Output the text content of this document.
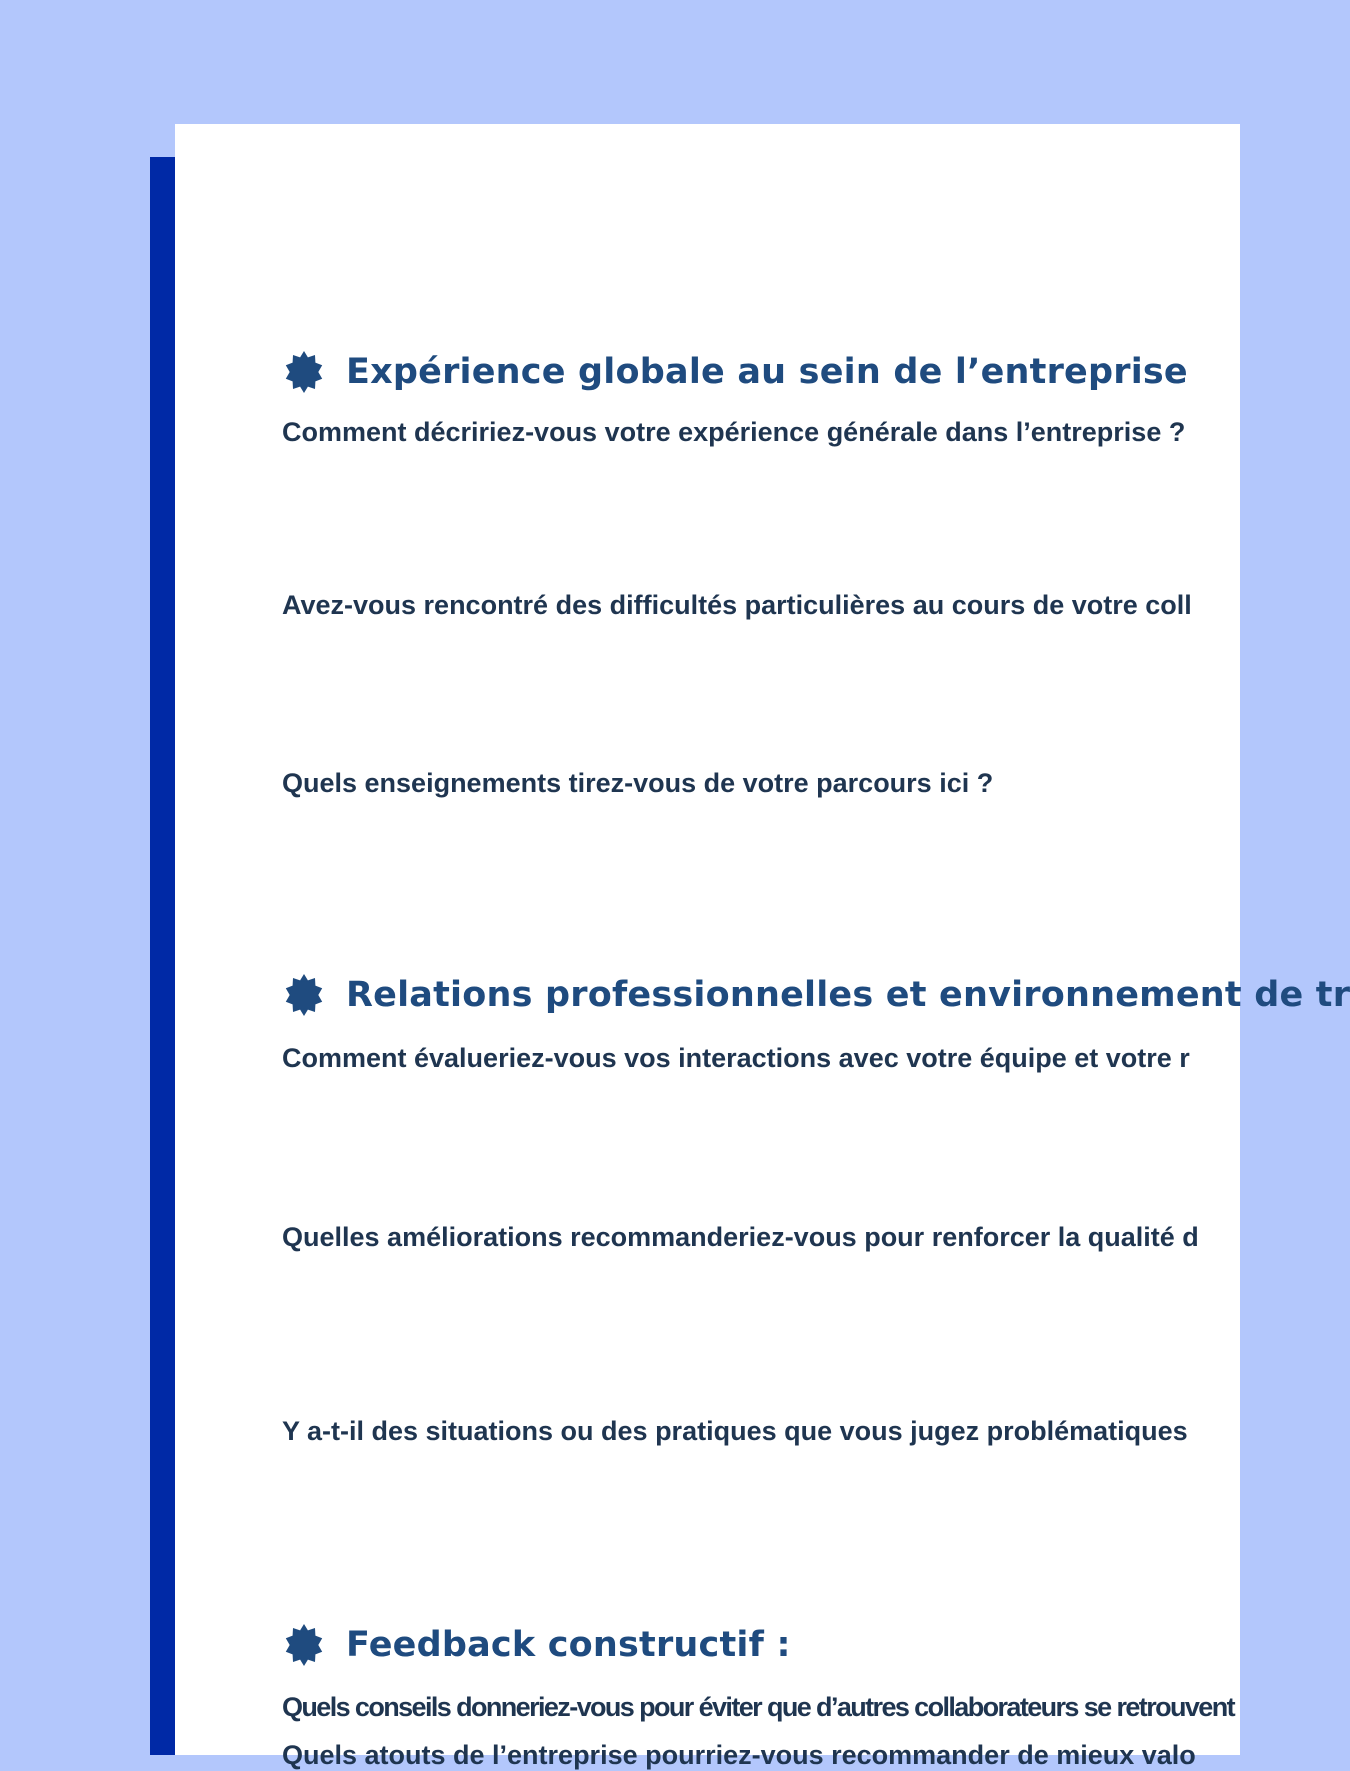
Expérience globale au sein de l’entreprise
Comment décririez-vous votre expérience générale dans l’entreprise ?
Avez-vous rencontré des difficultés particulières au cours de votre coll
Quels enseignements tirez-vous de votre parcours ici ?
Relations professionnelles et environnement de tr
Comment évalueriez-vous vos interactions avec votre équipe et votre r
Quelles améliorations recommanderiez-vous pour renforcer la qualité d
Y a-t-il des situations ou des pratiques que vous jugez problématiques
Feedback constructif :
Quels conseils donneriez-vous pour éviter que d’autres collaborateurs se retrouvent
Quels atouts de l’entreprise pourriez-vous recommander de mieux valo
